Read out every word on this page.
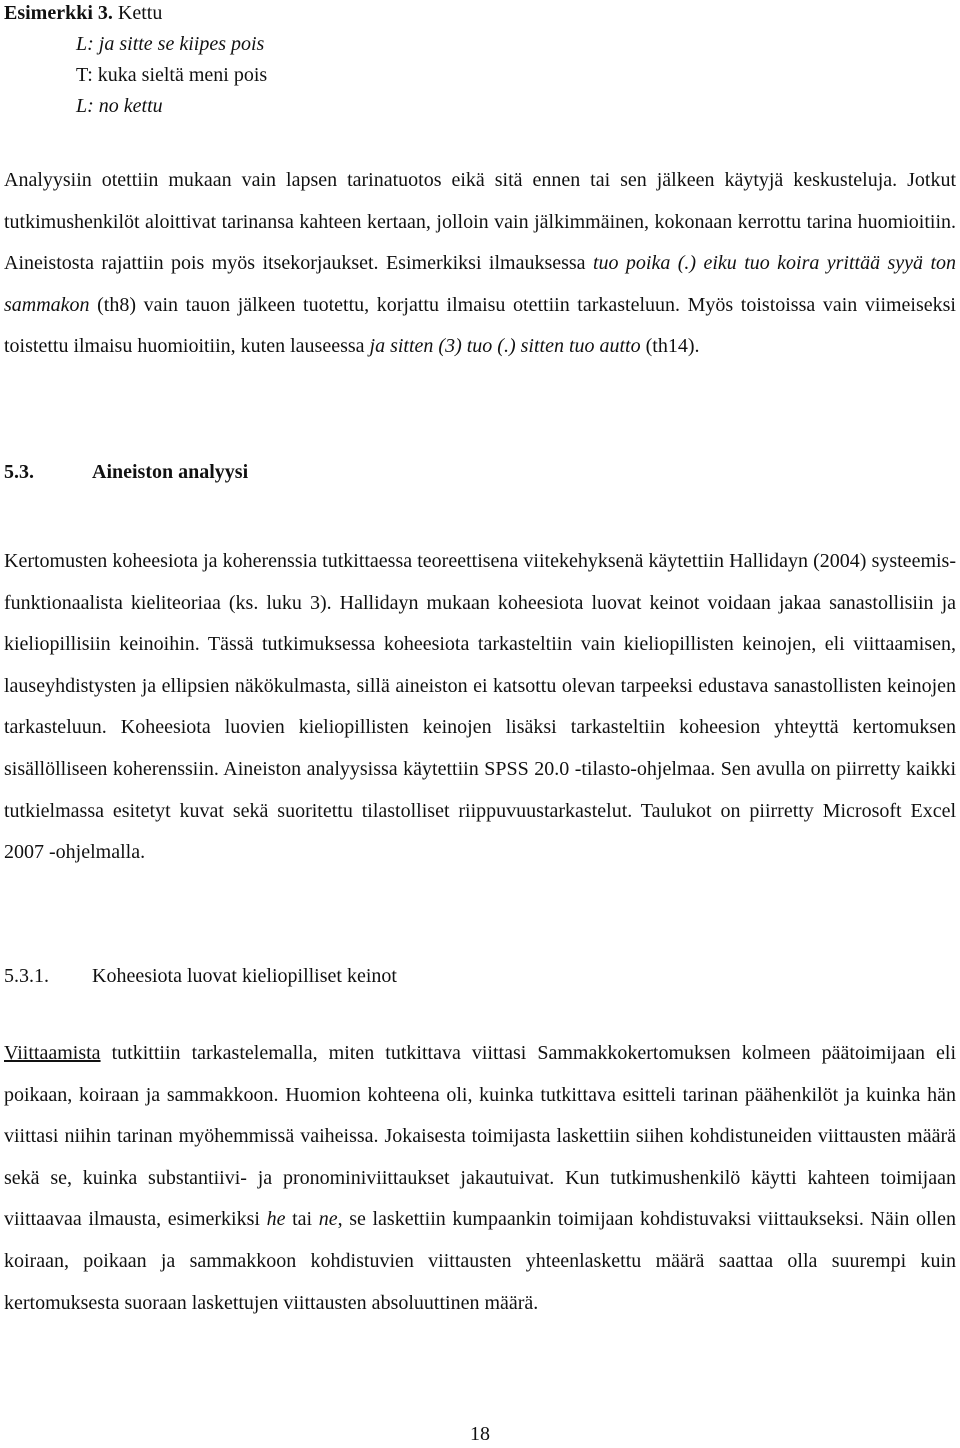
Esimerkki 3. Kettu
L: ja sitte se kiipes pois
T: kuka sieltä meni pois
L: no kettu

Analyysiin otettiin mukaan vain lapsen tarinatuotos eikä sitä ennen tai sen jälkeen käytyjä keskusteluja. Jotkut tutkimushenkilöt aloittivat tarinansa kahteen kertaan, jolloin vain jälkimmäinen, kokonaan kerrottu tarina huomioitiin. Aineistosta rajattiin pois myös itsekorjaukset. Esimerkiksi ilmauksessa tuo poika (.) eiku tuo koira yrittää syyä ton sammakon (th8) vain tauon jälkeen tuotettu, korjattu ilmaisu otettiin tarkasteluun. Myös toistoissa vain viimeiseksi toistettu ilmaisu huomioitiin, kuten lauseessa ja sitten (3) tuo (.) sitten tuo autto (th14).

5.3.	Aineiston analyysi

Kertomusten koheesiota ja koherenssia tutkittaessa teoreettisena viitekehyksenä käytettiin Hallidayn (2004) systeemis-funktionaalista kieliteoriaa (ks. luku 3). Hallidayn mukaan koheesiota luovat keinot voidaan jakaa sanastollisiin ja kieliopillisiin keinoihin. Tässä tutkimuksessa koheesiota tarkasteltiin vain kieliopillisten keinojen, eli viittaamisen, lauseyhdistysten ja ellipsien näkökulmasta, sillä aineiston ei katsottu olevan tarpeeksi edustava sanastollisten keinojen tarkasteluun. Koheesiota luovien kieliopillisten keinojen lisäksi tarkasteltiin koheesion yhteyttä kertomuksen sisällölliseen koherenssiin. Aineiston analyysissa käytettiin SPSS 20.0 -tilasto-ohjelmaa. Sen avulla on piirretty kaikki tutkielmassa esitetyt kuvat sekä suoritettu tilastolliset riippuvuustarkastelut. Taulukot on piirretty Microsoft Excel 2007 -ohjelmalla.

5.3.1. Koheesiota luovat kieliopilliset keinot

Viittaamista tutkittiin tarkastelemalla, miten tutkittava viittasi Sammakkokertomuksen kolmeen päätoimijaan eli poikaan, koiraan ja sammakkoon. Huomion kohteena oli, kuinka tutkittava esitteli tarinan päähenkilöt ja kuinka hän viittasi niihin tarinan myöhemmissä vaiheissa. Jokaisesta toimijasta laskettiin siihen kohdistuneiden viittausten määrä sekä se, kuinka substantiivi- ja pronominiviittaukset jakautuivat. Kun tutkimushenkilö käytti kahteen toimijaan viittaavaa ilmausta, esimerkiksi he tai ne, se laskettiin kumpaankin toimijaan kohdistuvaksi viittaukseksi. Näin ollen koiraan, poikaan ja sammakkoon kohdistuvien viittausten yhteenlaskettu määrä saattaa olla suurempi kuin kertomuksesta suoraan laskettujen viittausten absoluuttinen määrä.

18
